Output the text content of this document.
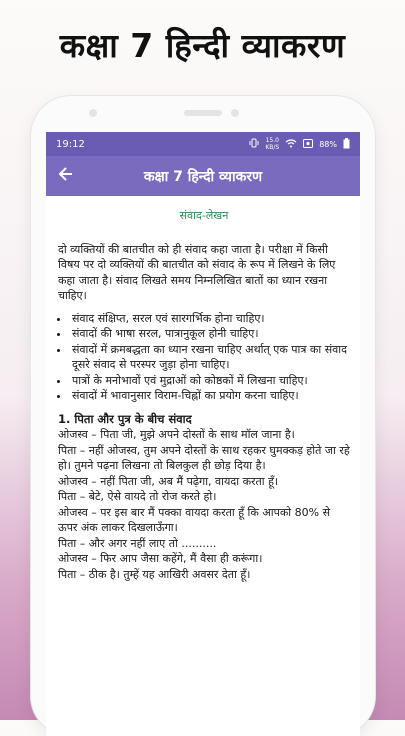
कक्षा 7 हिन्दी व्याकरण
19:12	15.0
KB/S	88%
कक्षा 7 हिन्दी व्याकरण
संवाद-लेखन

दो व्यक्तियों की बातचीत को ही संवाद कहा जाता है। परीक्षा में किसी विषय पर दो व्यक्तियों की बातचीत को संवाद के रूप में लिखने के लिए कहा जाता है। संवाद लिखते समय निम्नलिखित बातों का ध्यान रखना चाहिए।

• संवाद संक्षिप्त, सरल एवं सारगर्भिक होना चाहिए।
• संवादों की भाषा सरल, पात्रानुकूल होनी चाहिए।
• संवादों में क्रमबद्धता का ध्यान रखना चाहिए अर्थात् एक पात्र का संवाद दूसरे संवाद से परस्पर जुड़ा होना चाहिए।
• पात्रों के मनोभावों एवं मुद्राओं को कोष्ठकों में लिखना चाहिए।
• संवादों में भावानुसार विराम-चिह्नों का प्रयोग करना चाहिए।
1. पिता और पुत्र के बीच संवाद

ओजस्व – पिता जी, मुझे अपने दोस्तों के साथ मॉल जाना है।

पिता – नहीं ओजस्व, तुम अपने दोस्तों के साथ रहकर घुमक्कड़ होते जा रहे हो। तुमने पढ़ना लिखना तो बिलकुल ही छोड़ दिया है।

ओजस्व – नहीं पिता जी, अब मैं पढ़ेगा, वायदा करता हूँ।

पिता – बेटे, ऐसे वायदे तो रोज करते हो।

ओजस्व – पर इस बार मैं पक्का वायदा करता हूँ कि आपको 80% से ऊपर अंक लाकर दिखलाऊँगा।

पिता – और अगर नहीं लाए तो ..........

ओजस्व – फिर आप जैसा कहेंगे, मैं वैसा ही करूंगा।

पिता – ठीक है। तुम्हें यह आखिरी अवसर देता हूँ।
